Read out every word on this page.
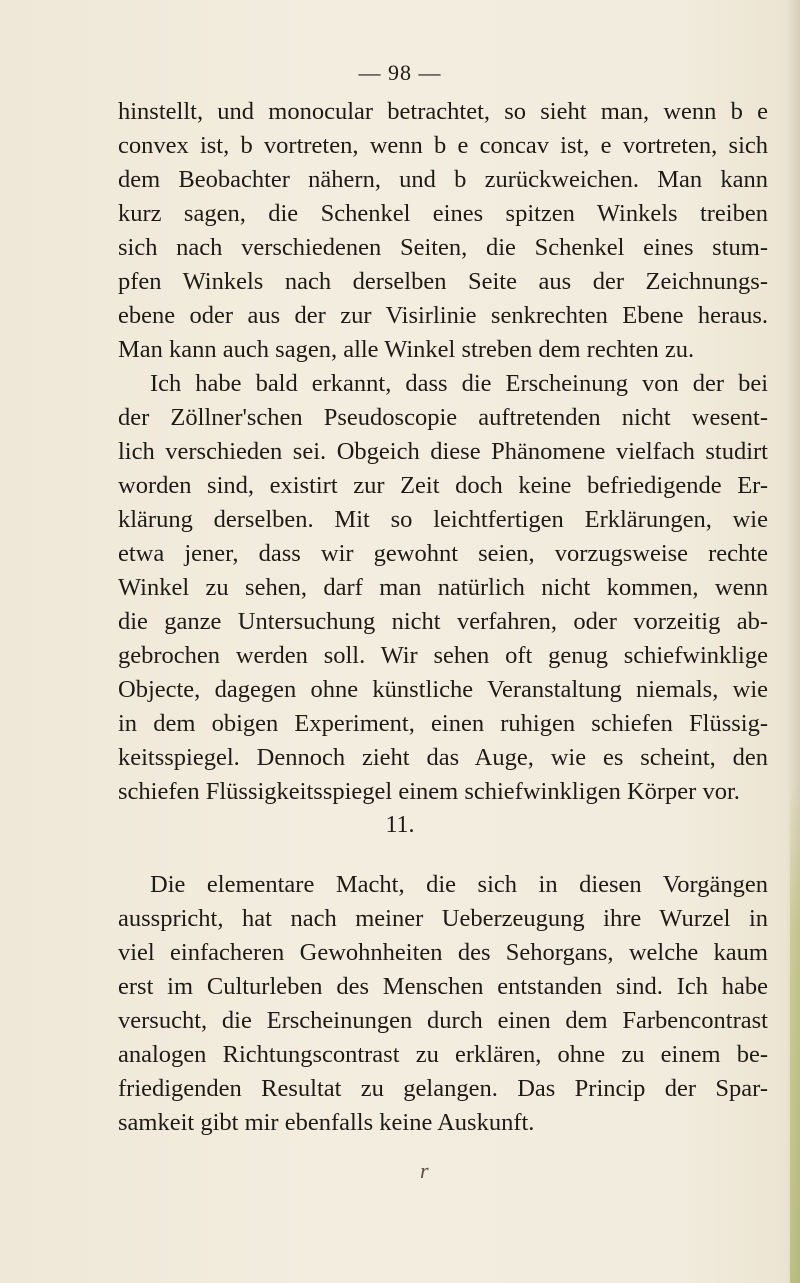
— 98 —
hinstellt, und monocular betrachtet, so sieht man, wenn b e
convex ist, b vortreten, wenn b e concav ist, e vortreten, sich
dem Beobachter nähern, und b zurückweichen. Man kann
kurz sagen, die Schenkel eines spitzen Winkels treiben
sich nach verschiedenen Seiten, die Schenkel eines stum-
pfen Winkels nach derselben Seite aus der Zeichnungs-
ebene oder aus der zur Visirlinie senkrechten Ebene heraus.
Man kann auch sagen, alle Winkel streben dem rechten zu.
Ich habe bald erkannt, dass die Erscheinung von der bei
der Zöllner'schen Pseudoscopie auftretenden nicht wesent-
lich verschieden sei. Obgeich diese Phänomene vielfach studirt
worden sind, existirt zur Zeit doch keine befriedigende Er-
klärung derselben. Mit so leichtfertigen Erklärungen, wie
etwa jener, dass wir gewohnt seien, vorzugsweise rechte
Winkel zu sehen, darf man natürlich nicht kommen, wenn
die ganze Untersuchung nicht verfahren, oder vorzeitig ab-
gebrochen werden soll. Wir sehen oft genug schiefwinklige
Objecte, dagegen ohne künstliche Veranstaltung niemals, wie
in dem obigen Experiment, einen ruhigen schiefen Flüssig-
keitsspiegel. Dennoch zieht das Auge, wie es scheint, den
schiefen Flüssigkeitsspiegel einem schiefwinkligen Körper vor.
11.
Die elementare Macht, die sich in diesen Vorgängen
ausspricht, hat nach meiner Ueberzeugung ihre Wurzel in
viel einfacheren Gewohnheiten des Sehorgans, welche kaum
erst im Culturleben des Menschen entstanden sind. Ich habe
versucht, die Erscheinungen durch einen dem Farbencontrast
analogen Richtungscontrast zu erklären, ohne zu einem be-
friedigenden Resultat zu gelangen. Das Princip der Spar-
samkeit gibt mir ebenfalls keine Auskunft.
r
